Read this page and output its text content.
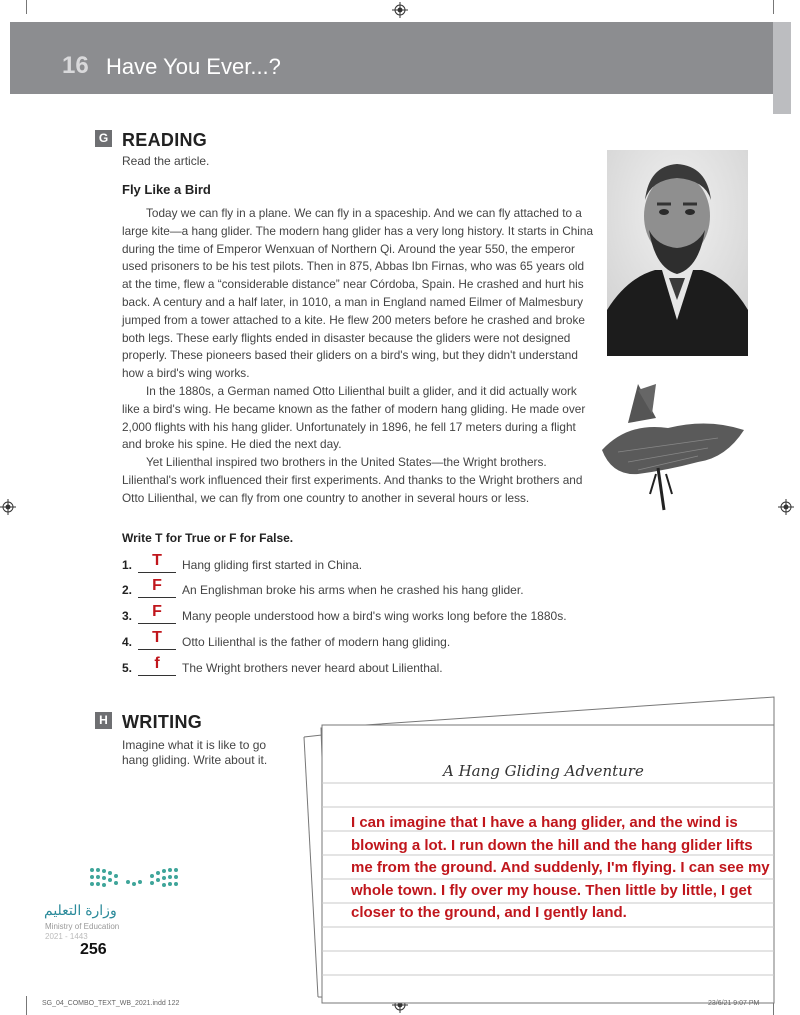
16 Have You Ever...?
G READING
Read the article.
Fly Like a Bird

Today we can fly in a plane. We can fly in a spaceship. And we can fly attached to a large kite—a hang glider. The modern hang glider has a very long history. It starts in China during the time of Emperor Wenxuan of Northern Qi. Around the year 550, the emperor used prisoners to be his test pilots. Then in 875, Abbas Ibn Firnas, who was 65 years old at the time, flew a “considerable distance” near Córdoba, Spain. He crashed and hurt his back. A century and a half later, in 1010, a man in England named Eilmer of Malmesbury jumped from a tower attached to a kite. He flew 200 meters before he crashed and broke both legs. These early flights ended in disaster because the gliders were not designed properly. These pioneers based their gliders on a bird's wing, but they didn't understand how a bird's wing works.

In the 1880s, a German named Otto Lilienthal built a glider, and it did actually work like a bird's wing. He became known as the father of modern hang gliding. He made over 2,000 flights with his hang glider. Unfortunately in 1896, he fell 17 meters during a flight and broke his spine. He died the next day.

Yet Lilienthal inspired two brothers in the United States—the Wright brothers. Lilienthal's work influenced their first experiments. And thanks to the Wright brothers and Otto Lilienthal, we can fly from one country to another in several hours or less.

Write T for True or F for False.
1.	T	Hang gliding first started in China.
2.	F	An Englishman broke his arms when he crashed his hang glider.
3.	F	Many people understood how a bird's wing works long before the 1880s.
4.	T	Otto Lilienthal is the father of modern hang gliding.
5.	f	The Wright brothers never heard about Lilienthal.
H WRITING
Imagine what it is like to go hang gliding. Write about it.
A Hang Gliding Adventure
I can imagine that I have a hang glider, and the wind is blowing a lot. I run down the hill and the hang glider lifts me from the ground. And suddenly, I'm flying. I can see my whole town. I fly over my house. Then little by little, I get closer to the ground, and I gently land.
وزارة التعليم
Ministry of Education
2021 - 1443
256
SG_04_COMBO_TEXT_WB_2021.indd 122	23/6/21 9:07 PM
